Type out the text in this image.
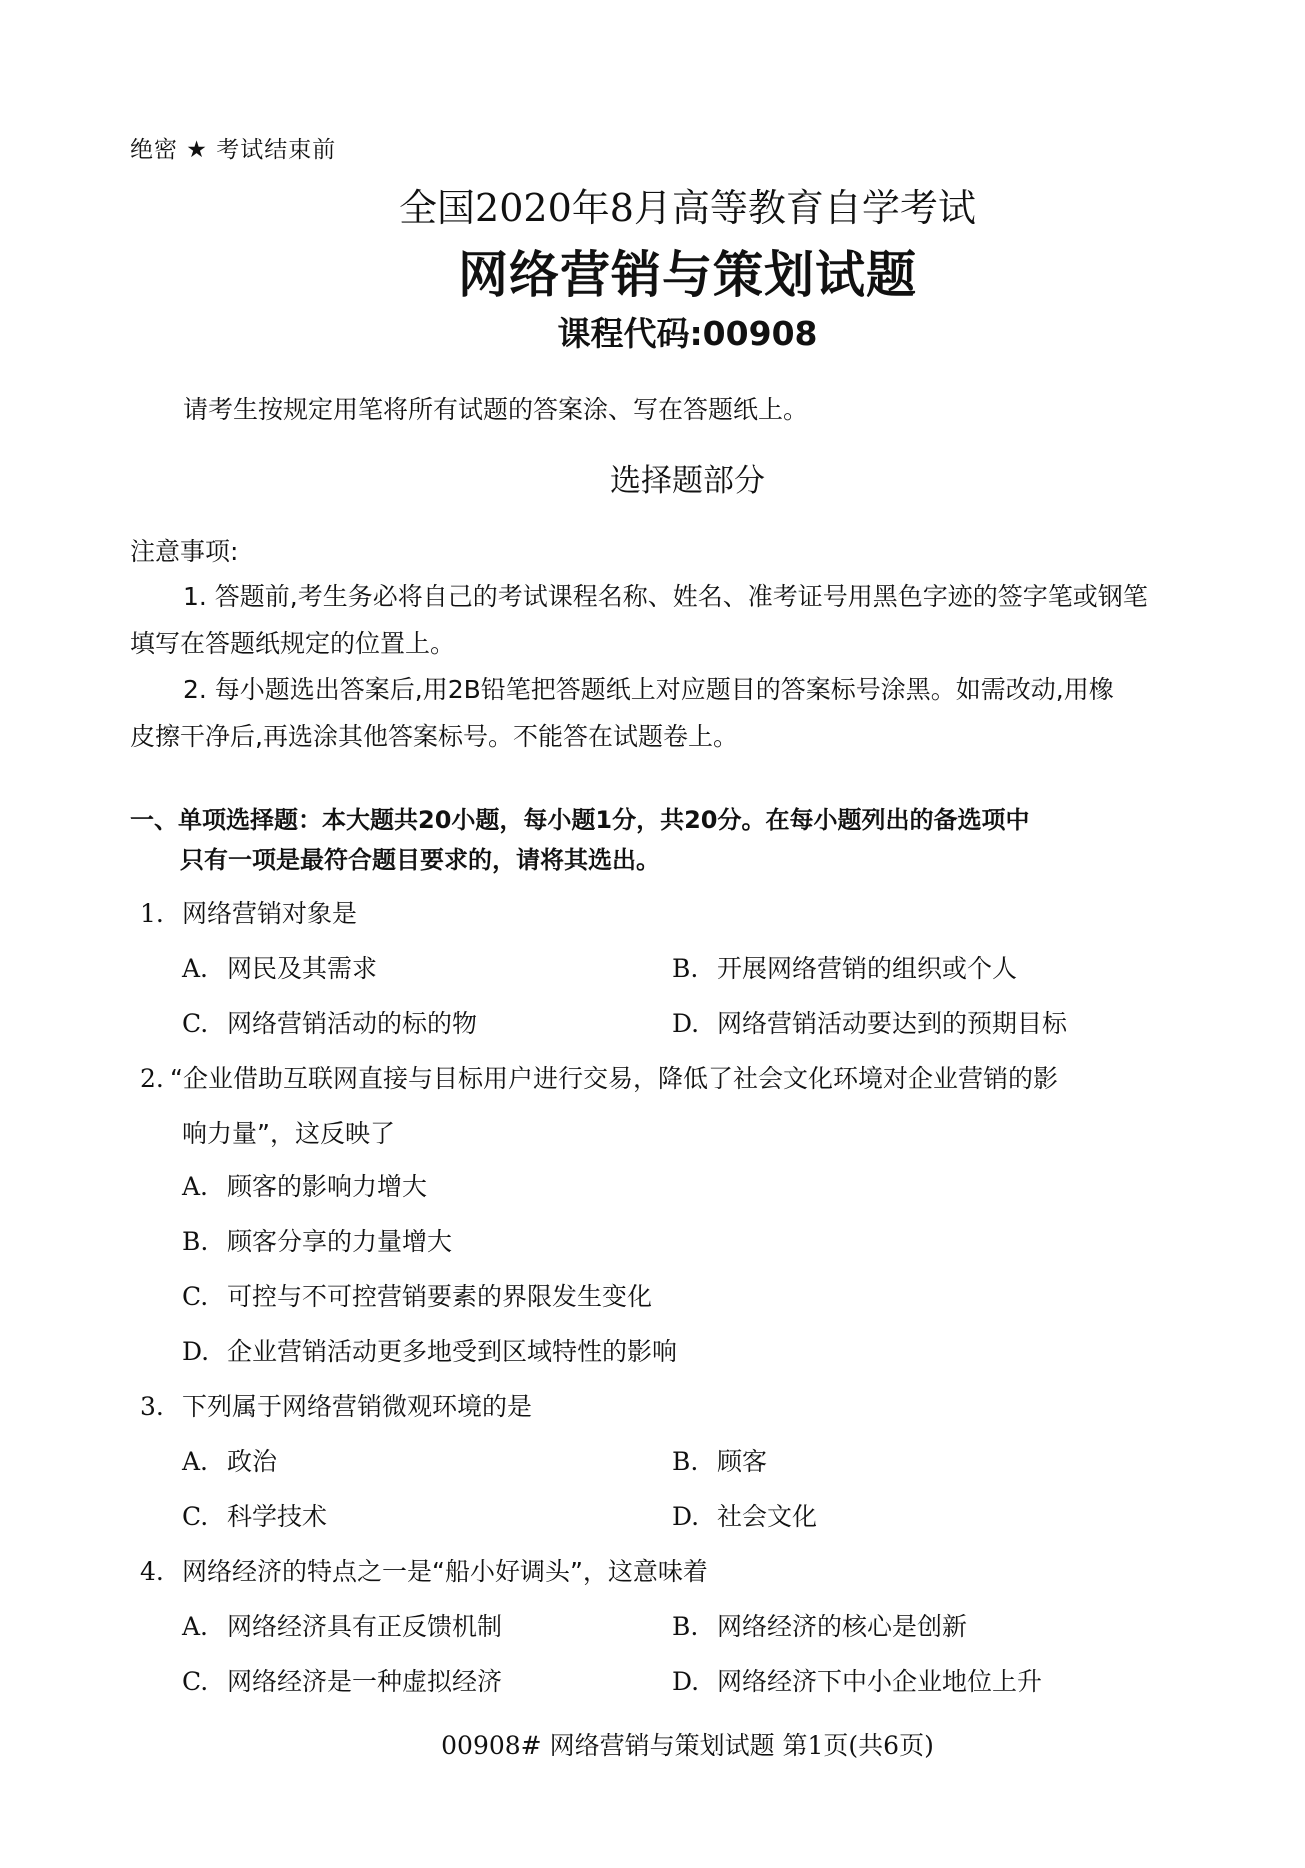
绝密 ★ 考试结束前
全国2020年8月高等教育自学考试
网络营销与策划试题
课程代码:00908
请考生按规定用笔将所有试题的答案涂、写在答题纸上。
选择题部分
注意事项:
1. 答题前,考生务必将自己的考试课程名称、姓名、准考证号用黑色字迹的签字笔或钢笔
填写在答题纸规定的位置上。
2. 每小题选出答案后,用2B铅笔把答题纸上对应题目的答案标号涂黑。如需改动,用橡
皮擦干净后,再选涂其他答案标号。不能答在试题卷上。
一、单项选择题：本大题共20小题，每小题1分，共20分。在每小题列出的备选项中
只有一项是最符合题目要求的，请将其选出。
1. 网络营销对象是
A. 网民及其需求	B. 开展网络营销的组织或个人
C. 网络营销活动的标的物	D. 网络营销活动要达到的预期目标
2. “企业借助互联网直接与目标用户进行交易，降低了社会文化环境对企业营销的影
响力量”，这反映了
A. 顾客的影响力增大
B. 顾客分享的力量增大
C. 可控与不可控营销要素的界限发生变化
D. 企业营销活动更多地受到区域特性的影响
3. 下列属于网络营销微观环境的是
A. 政治	B. 顾客
C. 科学技术	D. 社会文化
4. 网络经济的特点之一是“船小好调头”，这意味着
A. 网络经济具有正反馈机制	B. 网络经济的核心是创新
C. 网络经济是一种虚拟经济	D. 网络经济下中小企业地位上升
00908# 网络营销与策划试题 第1页(共6页)
